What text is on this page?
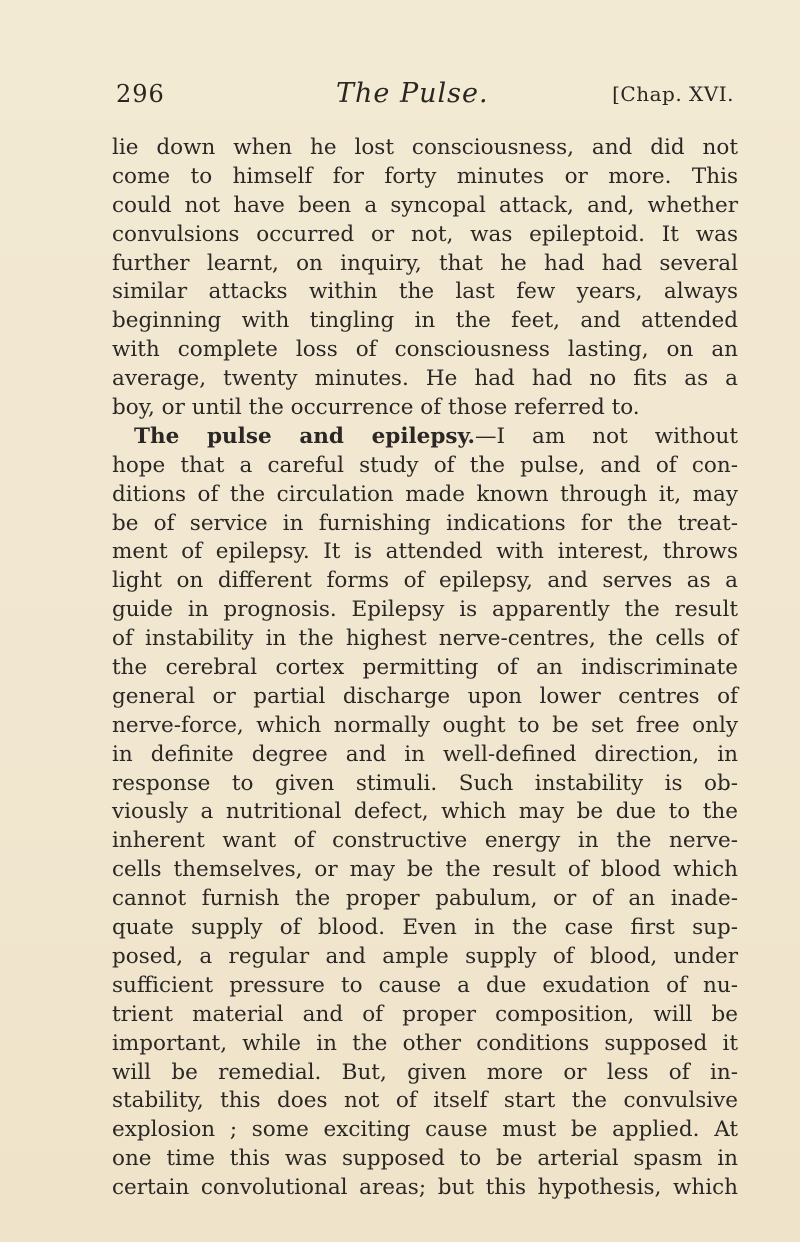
296	The Pulse.	[Chap. XVI.
lie down when he lost consciousness, and did not
come to himself for forty minutes or more. This
could not have been a syncopal attack, and, whether
convulsions occurred or not, was epileptoid. It was
further learnt, on inquiry, that he had had several
similar attacks within the last few years, always
beginning with tingling in the feet, and attended
with complete loss of consciousness lasting, on an
average, twenty minutes. He had had no fits as a
boy, or until the occurrence of those referred to.
The pulse and epilepsy.—I am not without
hope that a careful study of the pulse, and of con-
ditions of the circulation made known through it, may
be of service in furnishing indications for the treat-
ment of epilepsy. It is attended with interest, throws
light on different forms of epilepsy, and serves as a
guide in prognosis. Epilepsy is apparently the result
of instability in the highest nerve-centres, the cells of
the cerebral cortex permitting of an indiscriminate
general or partial discharge upon lower centres of
nerve-force, which normally ought to be set free only
in definite degree and in well-defined direction, in
response to given stimuli. Such instability is ob-
viously a nutritional defect, which may be due to the
inherent want of constructive energy in the nerve-
cells themselves, or may be the result of blood which
cannot furnish the proper pabulum, or of an inade-
quate supply of blood. Even in the case first sup-
posed, a regular and ample supply of blood, under
sufficient pressure to cause a due exudation of nu-
trient material and of proper composition, will be
important, while in the other conditions supposed it
will be remedial. But, given more or less of in-
stability, this does not of itself start the convulsive
explosion ; some exciting cause must be applied. At
one time this was supposed to be arterial spasm in
certain convolutional areas; but this hypothesis, which
